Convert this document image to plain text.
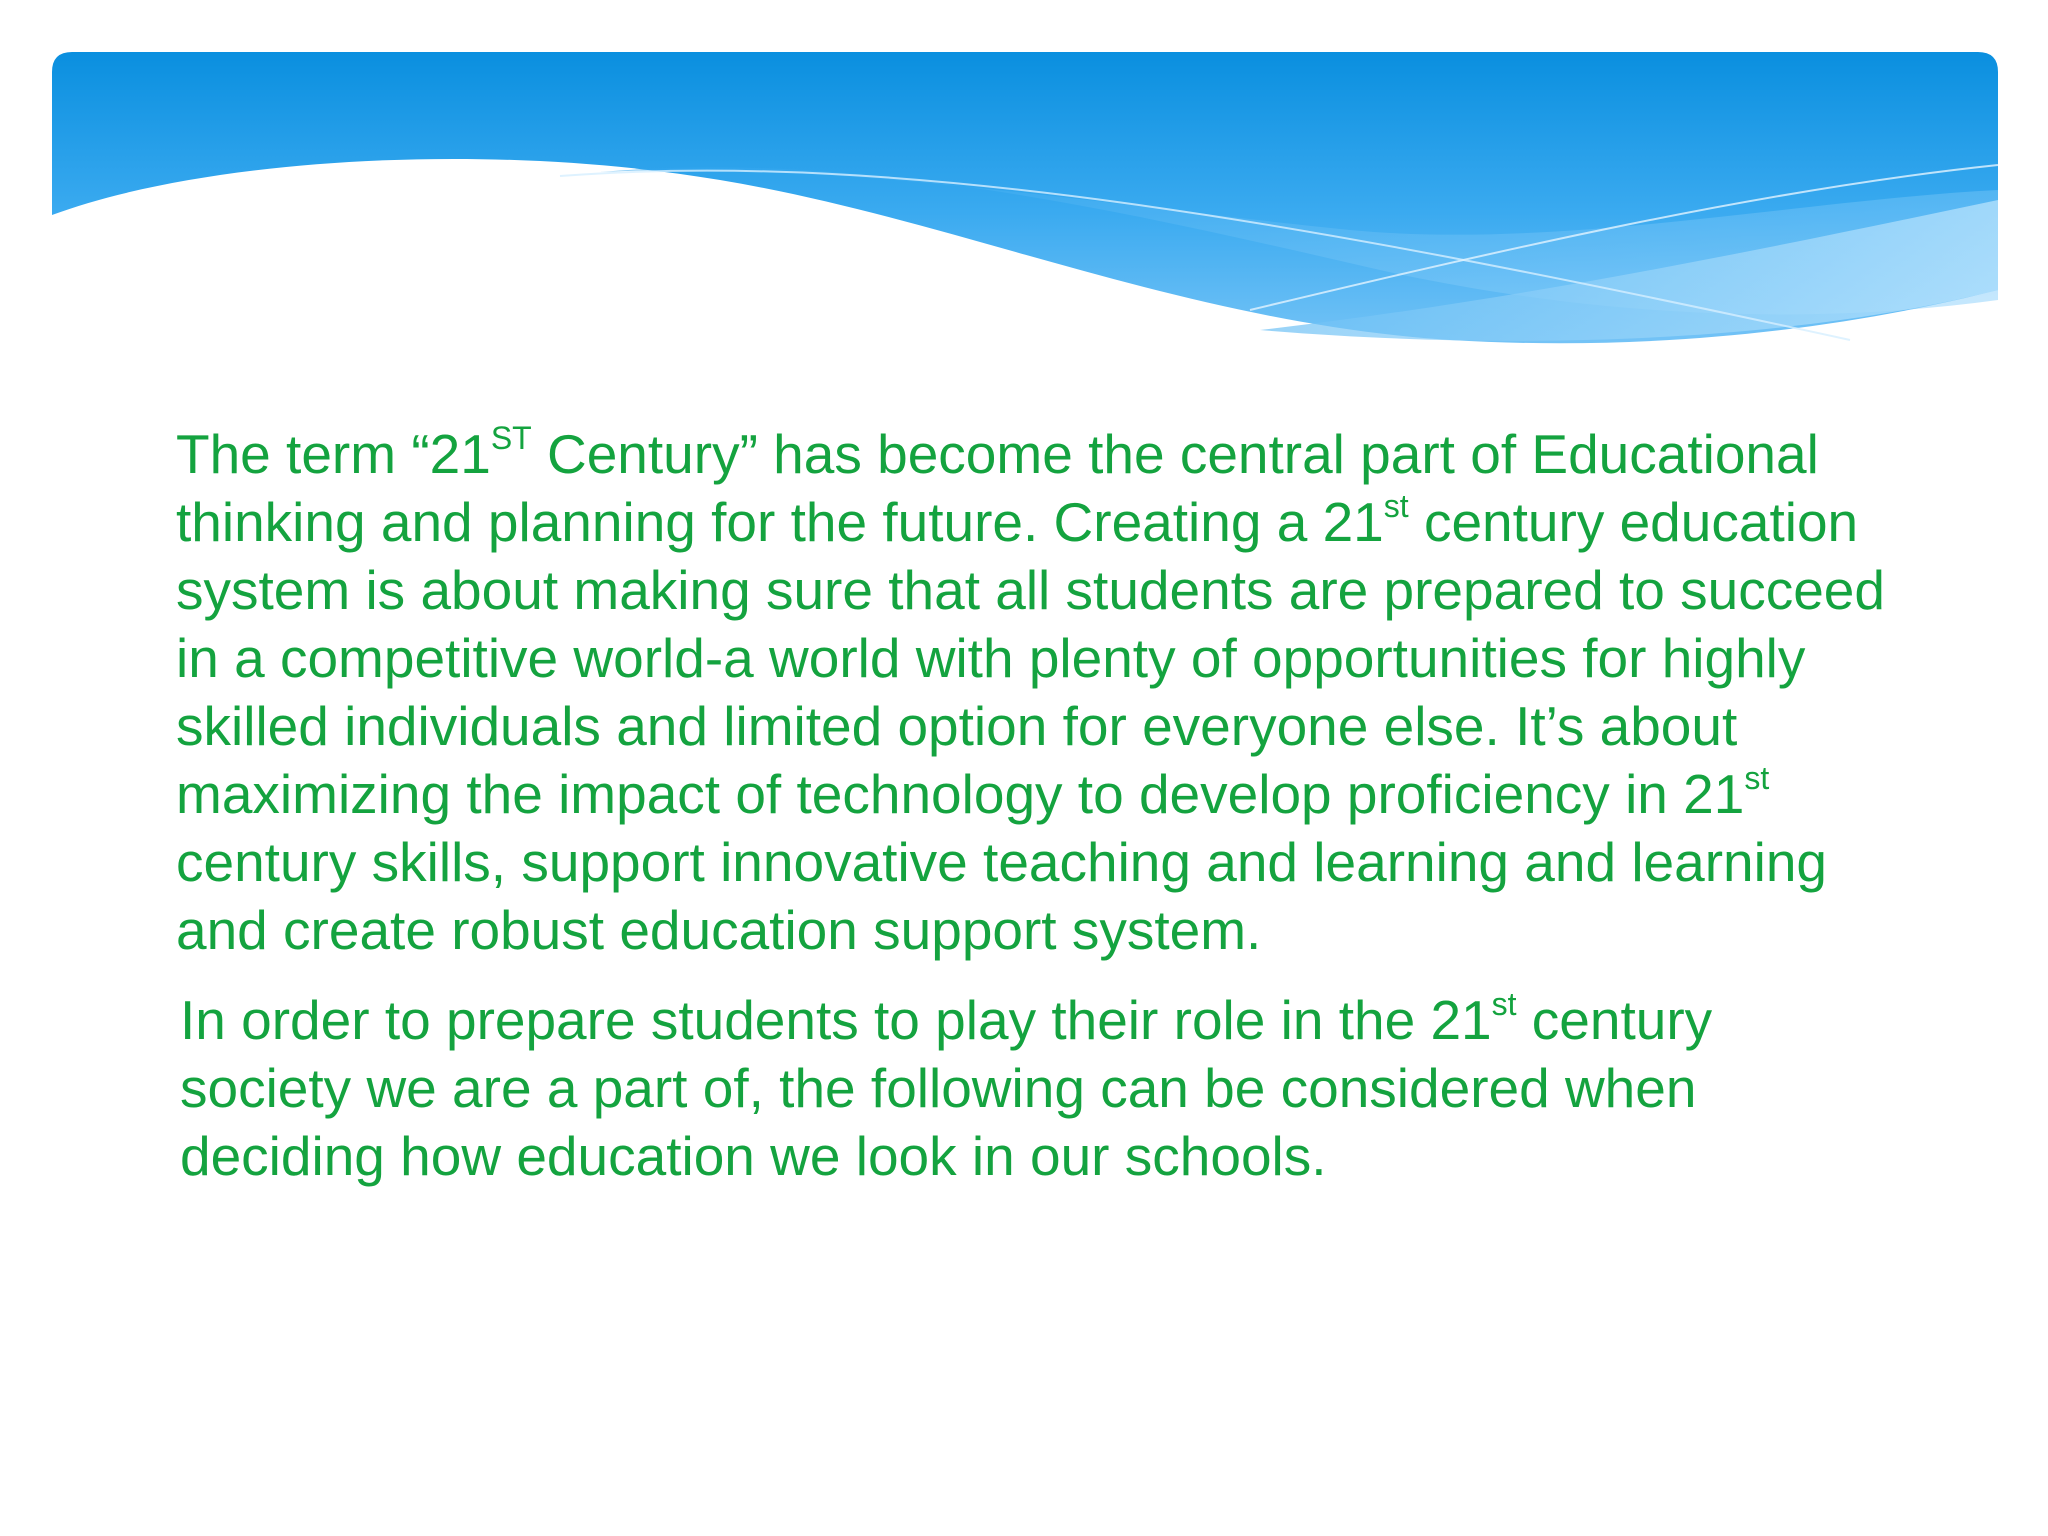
The term “21ST Century” has become the central part of Educational
thinking and planning for the future. Creating a 21st century education
system is about making sure that all students are prepared to succeed
in a competitive world-a world with plenty of opportunities for highly
skilled individuals and limited option for everyone else. It’s about
maximizing the impact of technology to develop proficiency in 21st
century skills, support innovative teaching and learning and learning
and create robust education support system.

In order to prepare students to play their role in the 21st century
society we are a part of, the following can be considered when
deciding how education we look in our schools.
